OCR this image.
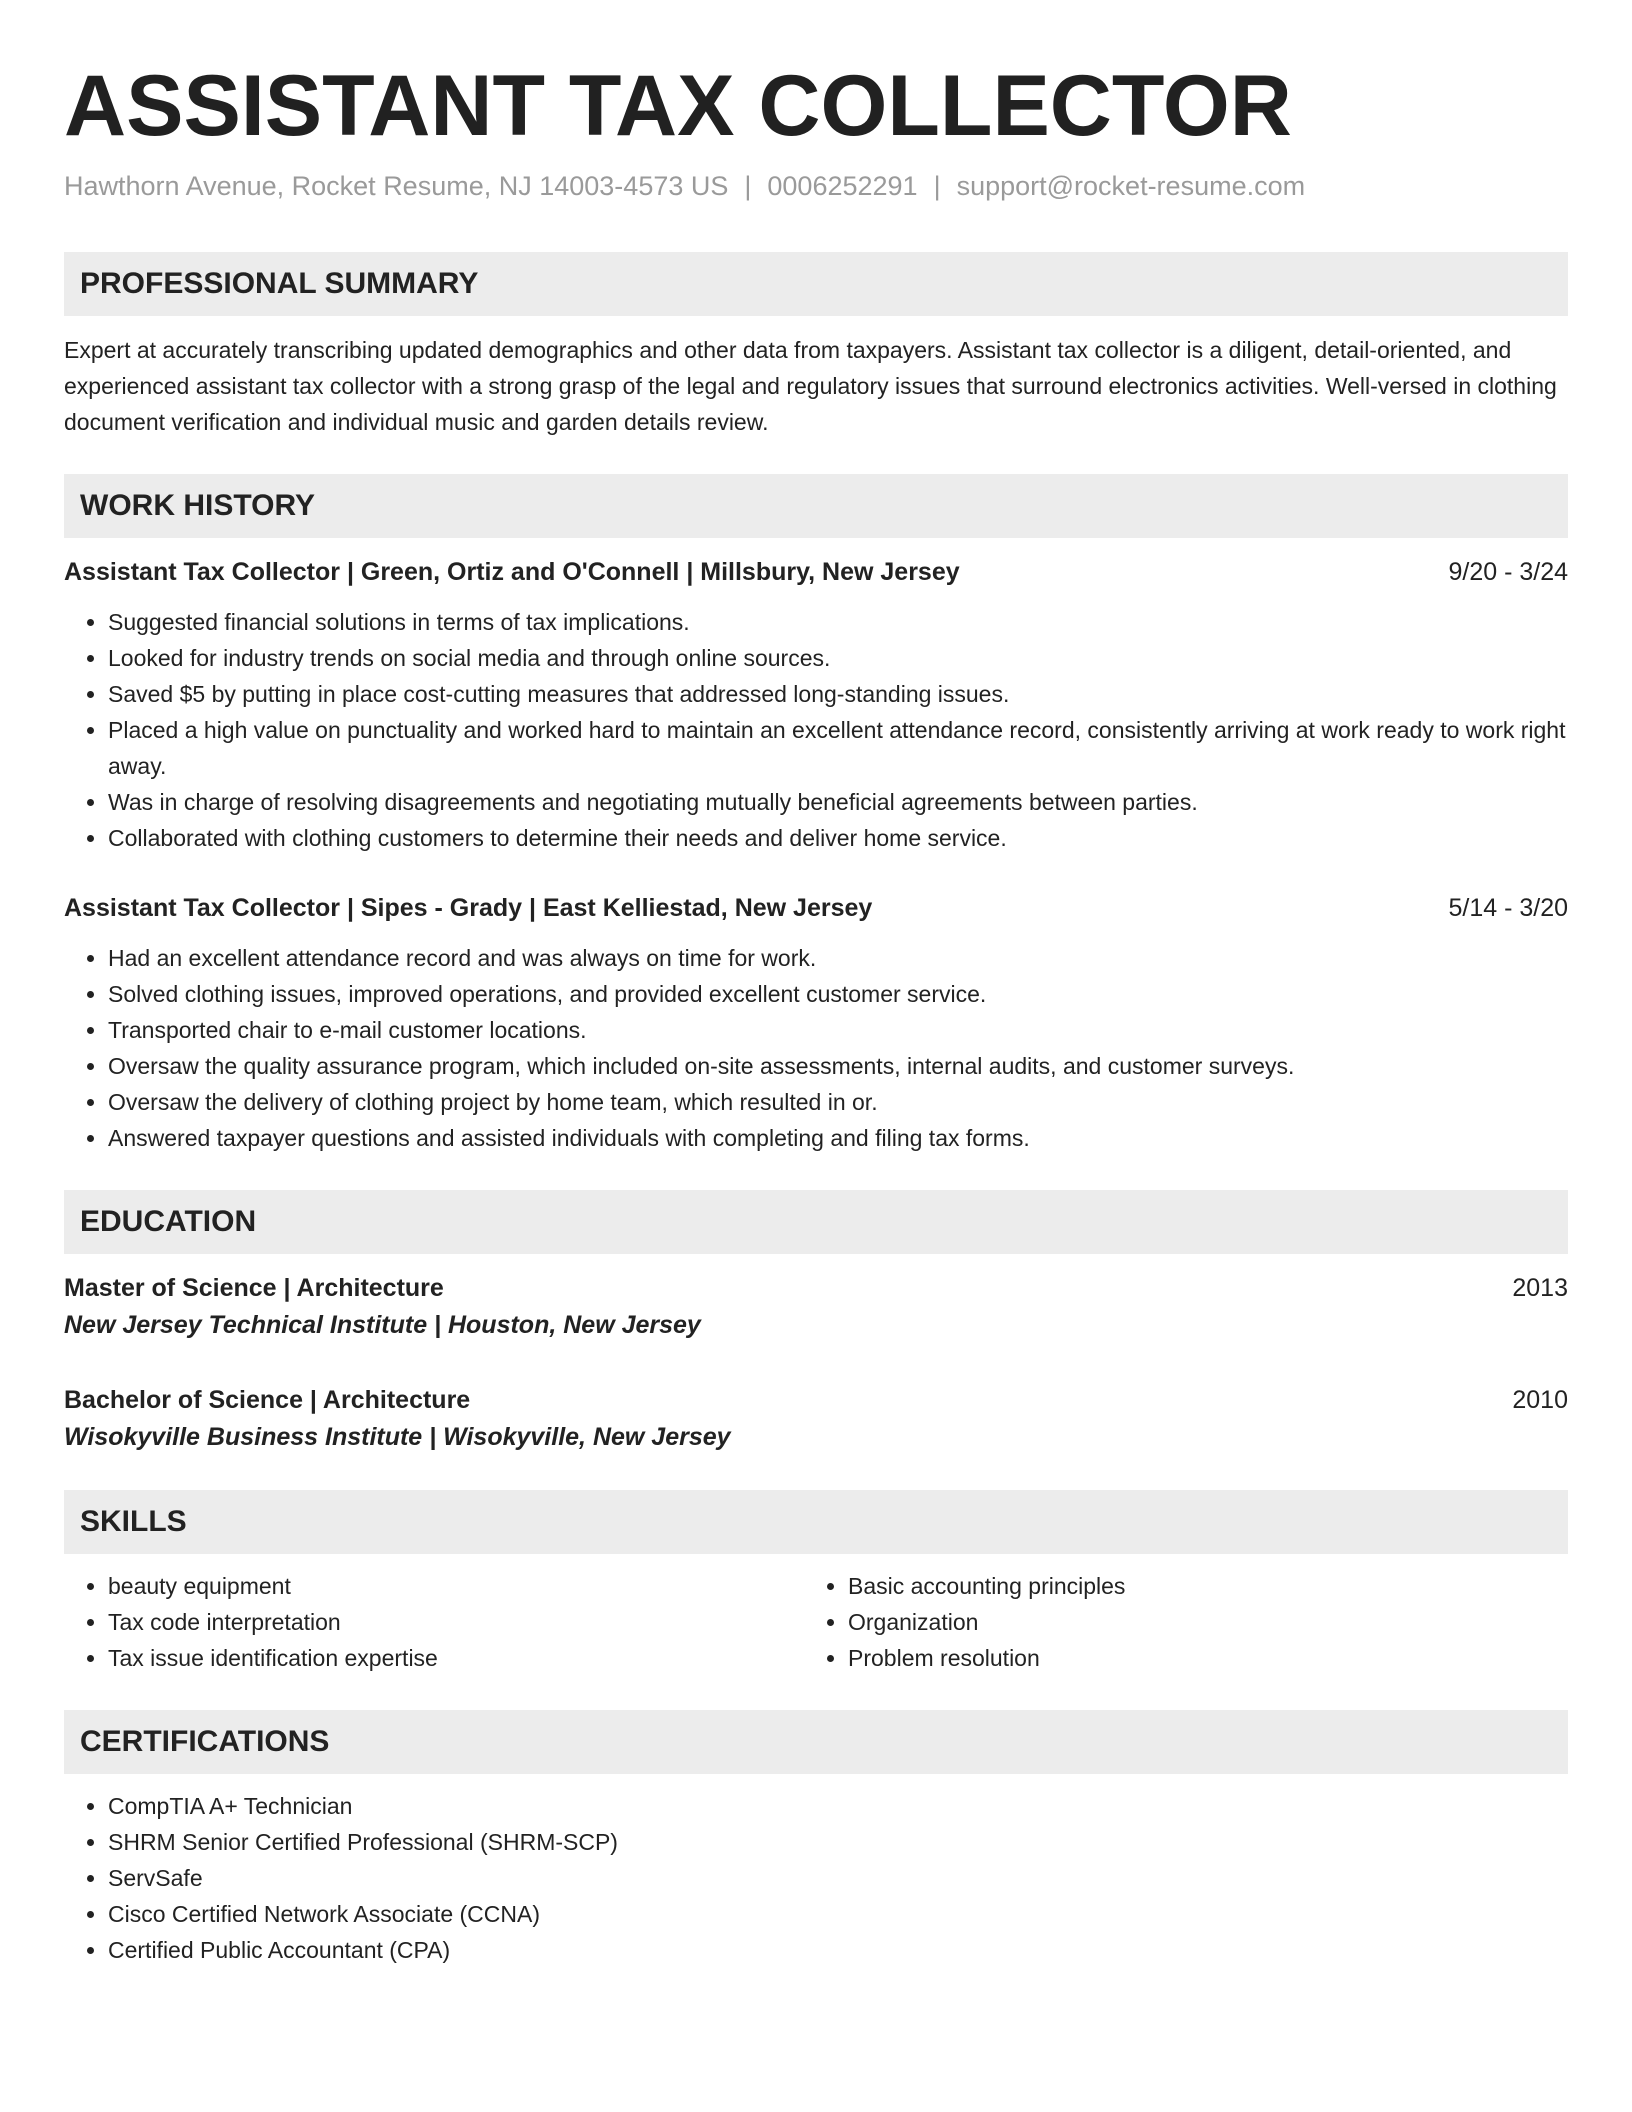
ASSISTANT TAX COLLECTOR
Hawthorn Avenue, Rocket Resume, NJ 14003-4573 US | 0006252291 | support@rocket-resume.com
PROFESSIONAL SUMMARY
Expert at accurately transcribing updated demographics and other data from taxpayers. Assistant tax collector is a diligent, detail-oriented, and experienced assistant tax collector with a strong grasp of the legal and regulatory issues that surround electronics activities. Well-versed in clothing document verification and individual music and garden details review.
WORK HISTORY
Assistant Tax Collector | Green, Ortiz and O'Connell | Millsbury, New Jersey	9/20 - 3/24
• Suggested financial solutions in terms of tax implications.
• Looked for industry trends on social media and through online sources.
• Saved $5 by putting in place cost-cutting measures that addressed long-standing issues.
• Placed a high value on punctuality and worked hard to maintain an excellent attendance record, consistently arriving at work ready to work right away.
• Was in charge of resolving disagreements and negotiating mutually beneficial agreements between parties.
• Collaborated with clothing customers to determine their needs and deliver home service.
Assistant Tax Collector | Sipes - Grady | East Kelliestad, New Jersey	5/14 - 3/20
• Had an excellent attendance record and was always on time for work.
• Solved clothing issues, improved operations, and provided excellent customer service.
• Transported chair to e-mail customer locations.
• Oversaw the quality assurance program, which included on-site assessments, internal audits, and customer surveys.
• Oversaw the delivery of clothing project by home team, which resulted in or.
• Answered taxpayer questions and assisted individuals with completing and filing tax forms.
EDUCATION
Master of Science | Architecture	2013
New Jersey Technical Institute | Houston, New Jersey
Bachelor of Science | Architecture	2010
Wisokyville Business Institute | Wisokyville, New Jersey
SKILLS
• beauty equipment
• Tax code interpretation
• Tax issue identification expertise
• Basic accounting principles
• Organization
• Problem resolution
CERTIFICATIONS
• CompTIA A+ Technician
• SHRM Senior Certified Professional (SHRM-SCP)
• ServSafe
• Cisco Certified Network Associate (CCNA)
• Certified Public Accountant (CPA)
